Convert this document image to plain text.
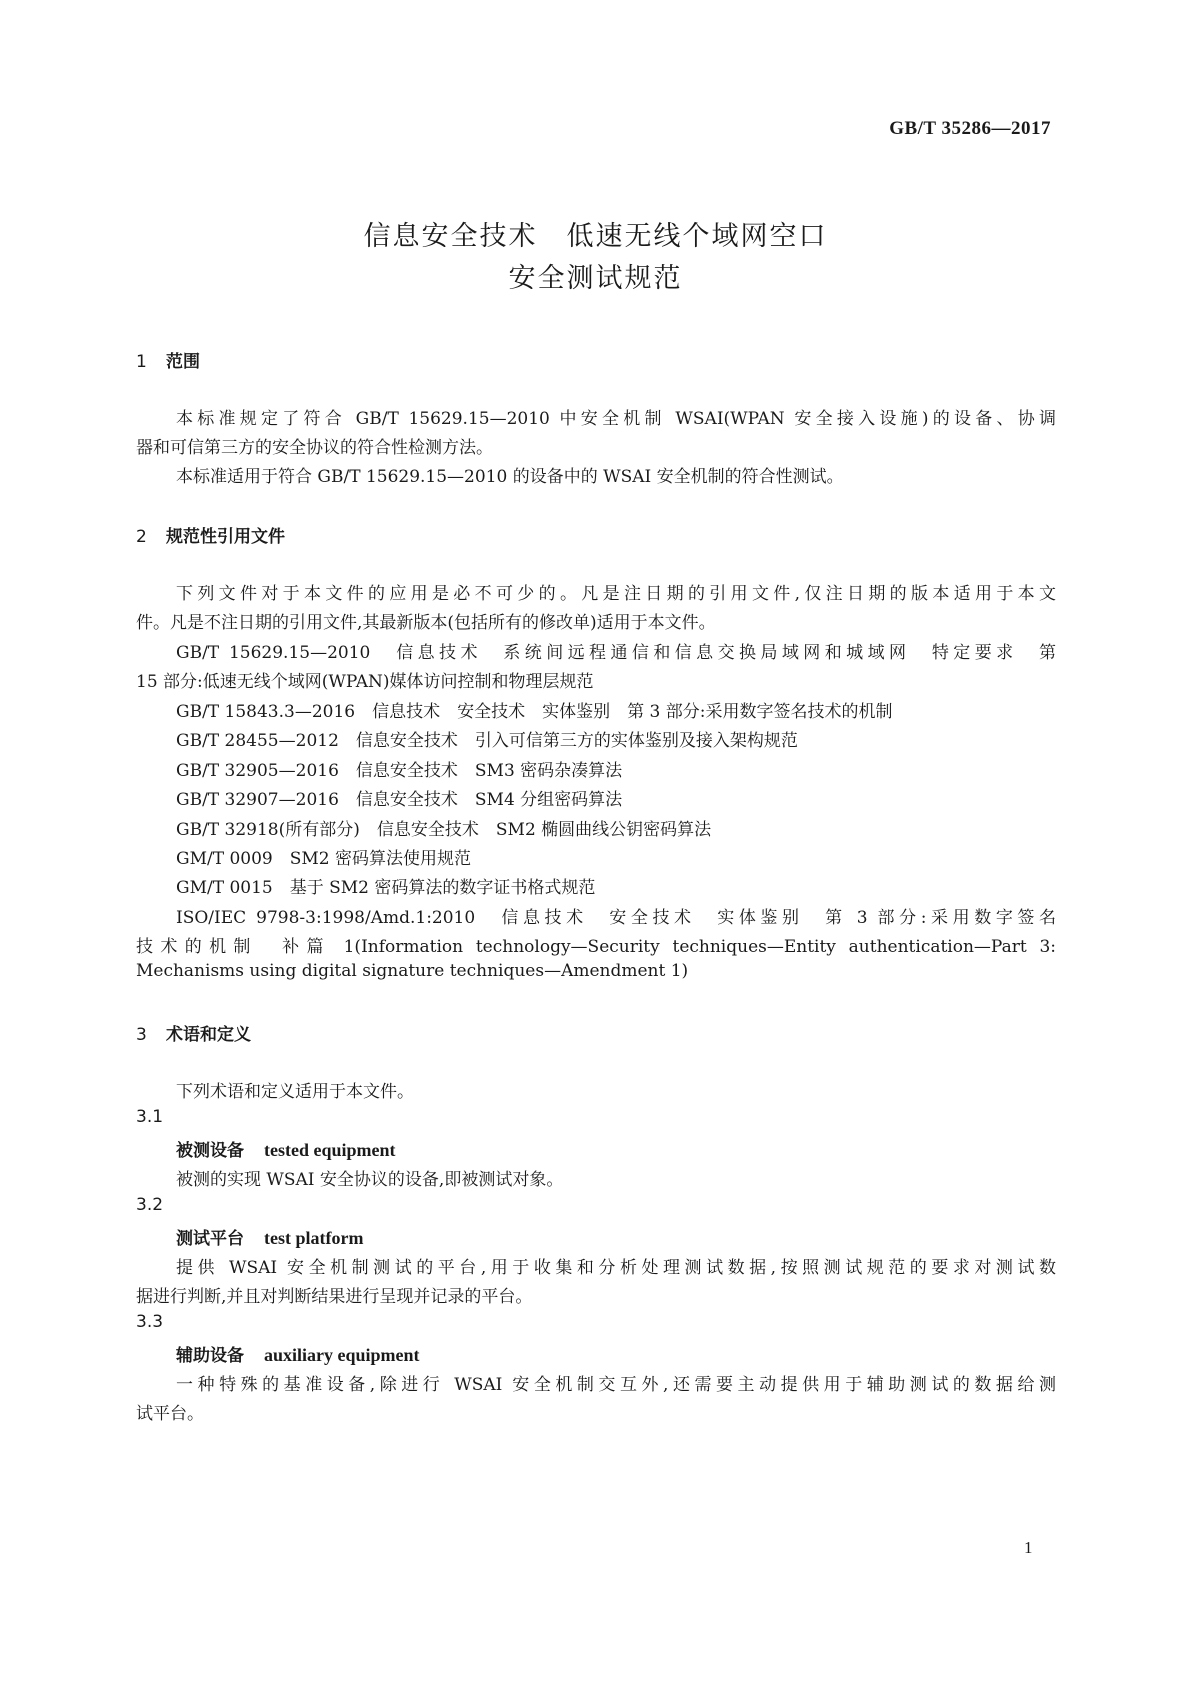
GB/T 35286—2017
信息安全技术　低速无线个域网空口
安全测试规范
1 范围
本标准规定了符合 GB/T 15629.15—2010 中安全机制 WSAI(WPAN 安全接入设施)的设备、协调
器和可信第三方的安全协议的符合性检测方法。
本标准适用于符合 GB/T 15629.15—2010 的设备中的 WSAI 安全机制的符合性测试。
2 规范性引用文件
下列文件对于本文件的应用是必不可少的。凡是注日期的引用文件,仅注日期的版本适用于本文
件。凡是不注日期的引用文件,其最新版本(包括所有的修改单)适用于本文件。
GB/T 15629.15—2010　信息技术　系统间远程通信和信息交换局域网和城域网　特定要求　第
15 部分:低速无线个域网(WPAN)媒体访问控制和物理层规范
GB/T 15843.3—2016　信息技术　安全技术　实体鉴别　第 3 部分:采用数字签名技术的机制
GB/T 28455—2012　信息安全技术　引入可信第三方的实体鉴别及接入架构规范
GB/T 32905—2016　信息安全技术　SM3 密码杂凑算法
GB/T 32907—2016　信息安全技术　SM4 分组密码算法
GB/T 32918(所有部分)　信息安全技术　SM2 椭圆曲线公钥密码算法
GM/T 0009　SM2 密码算法使用规范
GM/T 0015　基于 SM2 密码算法的数字证书格式规范
ISO/IEC 9798-3:1998/Amd.1:2010　信息技术　安全技术　实体鉴别　第 3 部分:采用数字签名
技术的机制　补篇 1(Information technology—Security techniques—Entity authentication—Part 3:
Mechanisms using digital signature techniques—Amendment 1)
3 术语和定义
下列术语和定义适用于本文件。
3.1
被测设备 tested equipment
被测的实现 WSAI 安全协议的设备,即被测试对象。
3.2
测试平台 test platform
提供 WSAI 安全机制测试的平台,用于收集和分析处理测试数据,按照测试规范的要求对测试数
据进行判断,并且对判断结果进行呈现并记录的平台。
3.3
辅助设备 auxiliary equipment
一种特殊的基准设备,除进行 WSAI 安全机制交互外,还需要主动提供用于辅助测试的数据给测
试平台。
1
